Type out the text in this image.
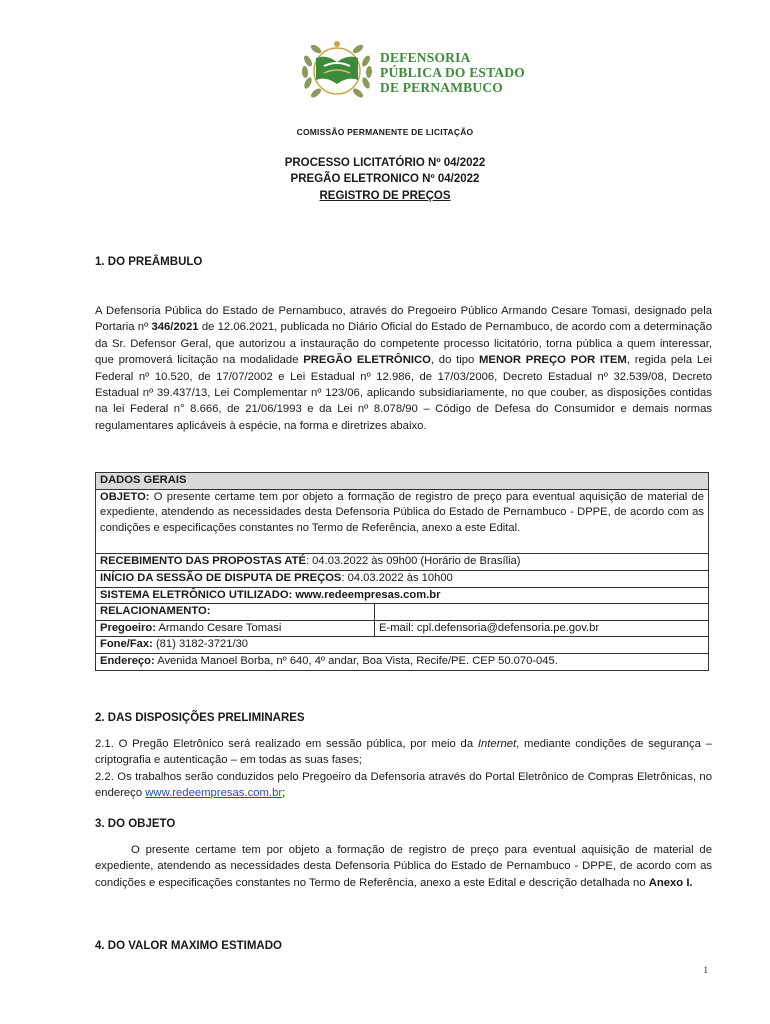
DEFENSORIA
PÚBLICA DO ESTADO
DE PERNAMBUCO
COMISSÃO PERMANENTE DE LICITAÇÃO
PROCESSO LICITATÓRIO Nº 04/2022
PREGÃO ELETRONICO Nº 04/2022
REGISTRO DE PREÇOS
1. DO PREÂMBULO

A Defensoria Pública do Estado de Pernambuco, através do Pregoeiro Público Armando Cesare Tomasi, designado pela Portaria nº 346/2021 de 12.06.2021, publicada no Diário Oficial do Estado de Pernambuco, de acordo com a determinação da Sr. Defensor Geral, que autorizou a instauração do competente processo licitatório, torna pública a quem interessar, que promoverá licitação na modalidade PREGÃO ELETRÔNICO, do tipo MENOR PREÇO POR ITEM, regida pela Lei Federal nº 10.520, de 17/07/2002 e Lei Estadual nº 12.986, de 17/03/2006, Decreto Estadual nº 32.539/08, Decreto Estadual nº 39.437/13, Lei Complementar nº 123/06, aplicando subsidiariamente, no que couber, as disposições contidas na lei Federal n° 8.666, de 21/06/1993 e da Lei nº 8.078/90 – Código de Defesa do Consumidor e demais normas regulamentares aplicáveis à espécie, na forma e diretrizes abaixo.

DADOS GERAIS	
OBJETO: O presente certame tem por objeto a formação de registro de preço para eventual aquisição de material de expediente, atendendo as necessidades desta Defensoria Pública do Estado de Pernambuco - DPPE, de acordo com as condições e especificações constantes no Termo de Referência, anexo a este Edital.	
RECEBIMENTO DAS PROPOSTAS ATÉ: 04.03.2022 às 09h00 (Horário de Brasília)	
INÍCIO DA SESSÃO DE DISPUTA DE PREÇOS: 04.03.2022 às 10h00	
SISTEMA ELETRÔNICO UTILIZADO: www.redeempresas.com.br	
RELACIONAMENTO:	
Pregoeiro: Armando Cesare Tomasi	E-mail: cpl.defensoria@defensoria.pe.gov.br
Fone/Fax: (81) 3182-3721/30	
Endereço: Avenida Manoel Borba, nº 640, 4º andar, Boa Vista, Recife/PE. CEP 50.070-045.	
2. DAS DISPOSIÇÕES PRELIMINARES

2.1. O Pregão Eletrônico será realizado em sessão pública, por meio da Internet, mediante condições de segurança – criptografia e autenticação – em todas as suas fases;

2.2. Os trabalhos serão conduzidos pelo Pregoeiro da Defensoria através do Portal Eletrônico de Compras Eletrônicas, no endereço www.redeempresas.com.br;

3. DO OBJETO

O presente certame tem por objeto a formação de registro de preço para eventual aquisição de material de expediente, atendendo as necessidades desta Defensoria Pública do Estado de Pernambuco - DPPE, de acordo com as condições e especificações constantes no Termo de Referência, anexo a este Edital e descrição detalhada no Anexo I.

4. DO VALOR MAXIMO ESTIMADO
1
